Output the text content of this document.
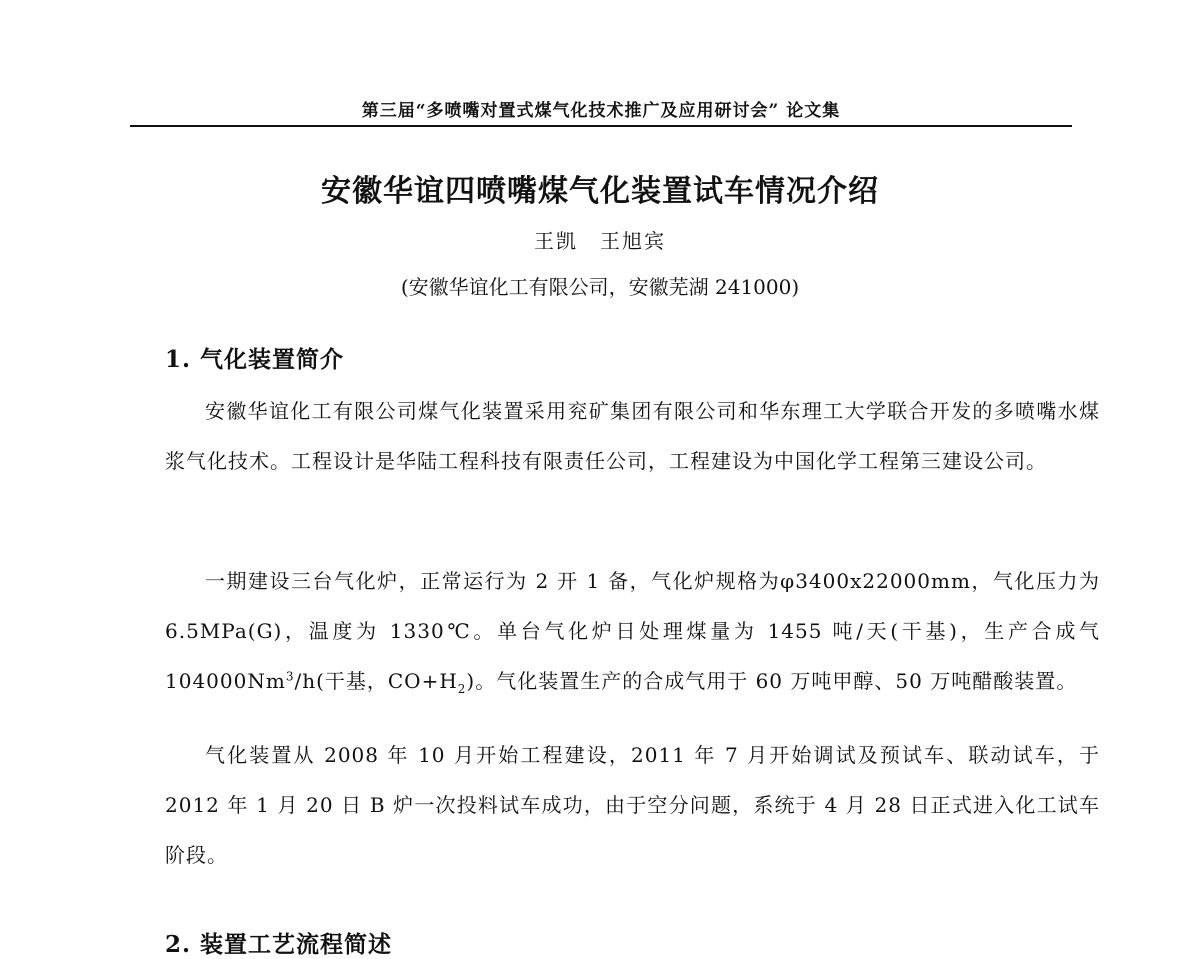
第三届“多喷嘴对置式煤气化技术推广及应用研讨会” 论文集
安徽华谊四喷嘴煤气化装置试车情况介绍
王凯 王旭宾
(安徽华谊化工有限公司，安徽芜湖 241000)
1. 气化装置简介

安徽华谊化工有限公司煤气化装置采用兖矿集团有限公司和华东理工大学联合开发的多喷嘴水煤浆气化技术。工程设计是华陆工程科技有限责任公司，工程建设为中国化学工程第三建设公司。

一期建设三台气化炉，正常运行为 2 开 1 备，气化炉规格为φ3400x22000mm，气化压力为 6.5MPa(G)，温度为 1330℃。单台气化炉日处理煤量为 1455 吨/天(干基)，生产合成气 104000Nm$^3$/h(干基，$CO+H_2$)。气化装置生产的合成气用于 60 万吨甲醇、50 万吨醋酸装置。

气化装置从 2008 年 10 月开始工程建设，2011 年 7 月开始调试及预试车、联动试车，于 2012 年 1 月 20 日 B 炉一次投料试车成功，由于空分问题，系统于 4 月 28 日正式进入化工试车阶段。

2. 装置工艺流程简述
